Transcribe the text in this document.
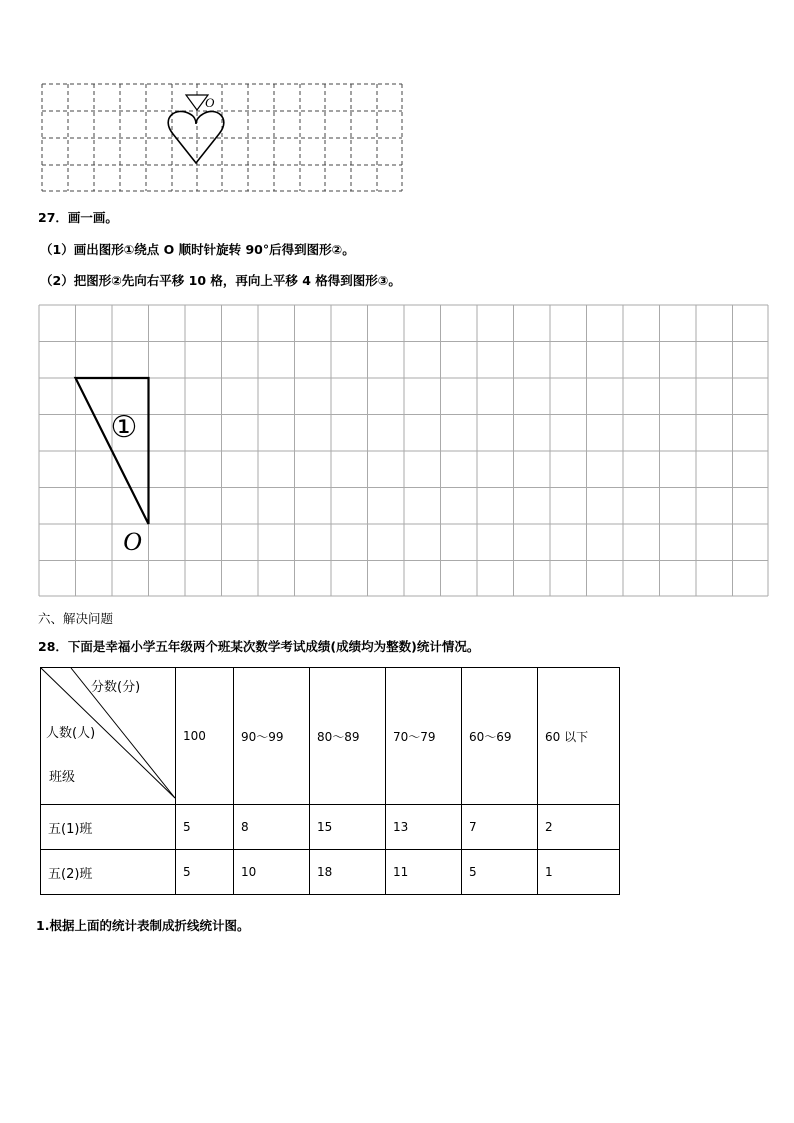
O
27．画一画。
（1）画出图形①绕点 O 顺时针旋转 90°后得到图形②。
（2）把图形②先向右平移 10 格，再向上平移 4 格得到图形③。
①
O
六、解决问题
28．下面是幸福小学五年级两个班某次数学考试成绩(成绩均为整数)统计情况。
分数(分)
人数(人)
班级	100	90～99	80～89	70～79	60～69	60 以下
五(1)班	5	8	15	13	7	2
五(2)班	5	10	18	11	5	1
1.根据上面的统计表制成折线统计图。
